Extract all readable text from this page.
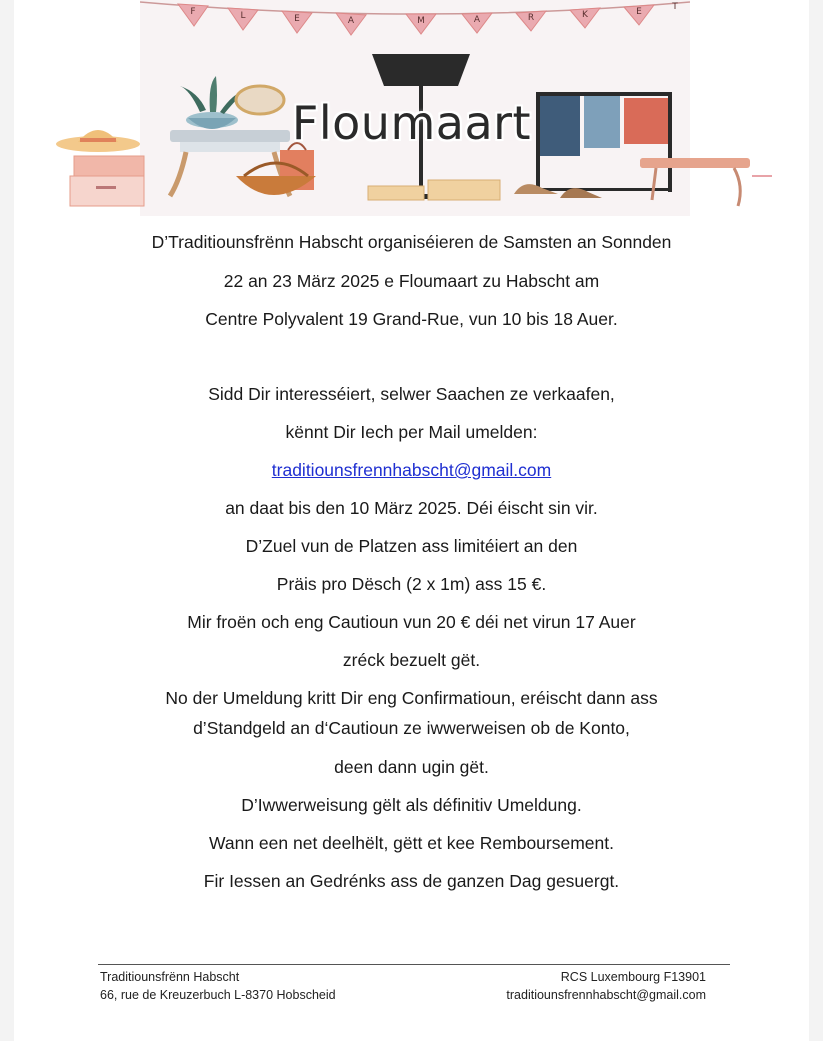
F	L	E	A	M	A	R	K	E	T
Floumaart

D’Traditiounsfrënn Habscht organiséieren de Samsten an Sonnden

22 an 23 März 2025 e Floumaart zu Habscht am

Centre Polyvalent 19 Grand-Rue, vun 10 bis 18 Auer.

Sidd Dir interesséiert, selwer Saachen ze verkaafen,

kënnt Dir Iech per Mail umelden:

traditiounsfrennhabscht@gmail.com

an daat bis den 10 März 2025. Déi éischt sin vir.

D’Zuel vun de Platzen ass limitéiert an den

Präis pro Dësch (2 x 1m) ass 15 €.

Mir froën och eng Cautioun vun 20 € déi net virun 17 Auer

zréck bezuelt gët.

No der Umeldung kritt Dir eng Confirmatioun, eréischt dann ass

d’Standgeld an d‘Cautioun ze iwwerweisen ob de Konto,

deen dann ugin gët.

D’Iwwerweisung gëlt als définitiv Umeldung.

Wann een net deelhëlt, gëtt et kee Remboursement.

Fir Iessen an Gedrénks ass de ganzen Dag gesuergt.

Traditiounsfrënn Habscht
66, rue de Kreuzerbuch L-8370 Hobscheid
RCS Luxembourg F13901
traditiounsfrennhabscht@gmail.com
